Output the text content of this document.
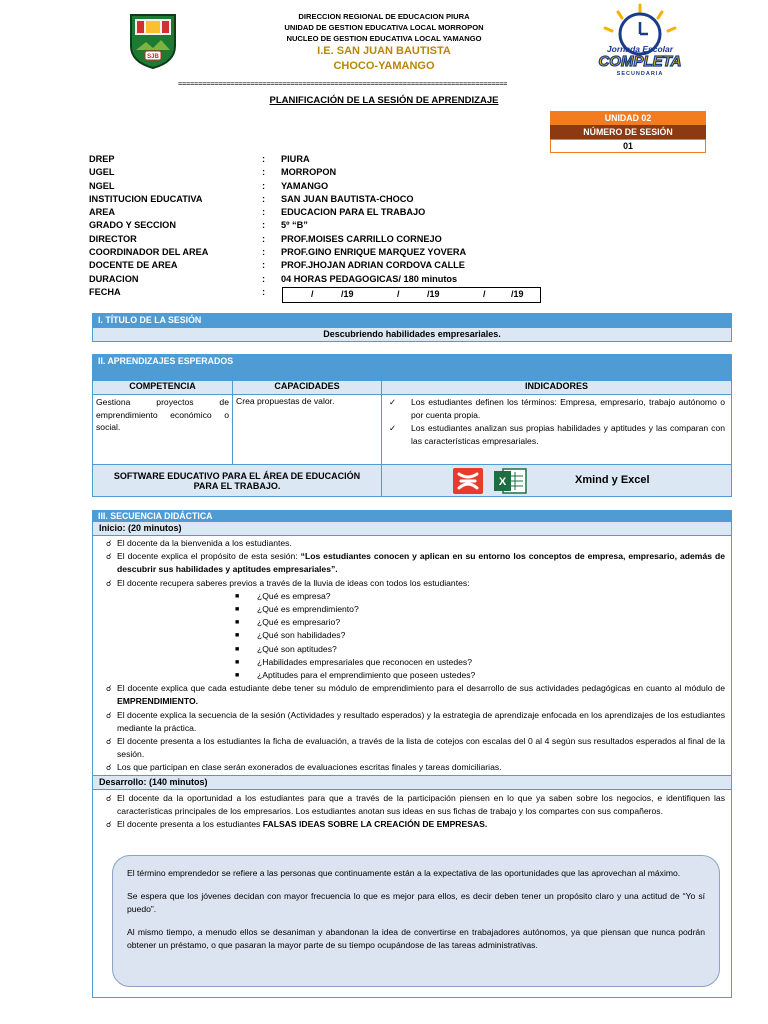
SJB
DIRECCION REGIONAL DE EDUCACION PIURA
UNIDAD DE GESTION EDUCATIVA LOCAL MORROPON
NUCLEO DE GESTION EDUCATIVA LOCAL YAMANGO
I.E. SAN JUAN BAUTISTA
CHOCO-YAMANGO
==================================================================================
Jornada Escolar
COMPLETA
SECUNDARIA
PLANIFICACIÓN DE LA SESIÓN DE APRENDIZAJE
UNIDAD 02
NÚMERO DE SESIÓN
01
DREP	: PIURA
UGEL	: MORROPON
NGEL	: YAMANGO
INSTITUCION EDUCATIVA	: SAN JUAN BAUTISTA-CHOCO
AREA	: EDUCACION PARA EL TRABAJO
GRADO Y SECCION	: 5º “B”
DIRECTOR	: PROF.MOISES CARRILLO CORNEJO
COORDINADOR DEL AREA	: PROF.GINO ENRIQUE MARQUEZ YOVERA
DOCENTE DE AREA	: PROF.JHOJAN ADRIAN CORDOVA CALLE
DURACION	: 04 HORAS PEDAGOGICAS/ 180 minutos
FECHA	:	/	/19	/	/19	/	/19
I. TÍTULO DE LA SESIÓN
Descubriendo habilidades empresariales.
II. APRENDIZAJES ESPERADOS
COMPETENCIA	CAPACIDADES	INDICADORES
Gestiona proyectos de emprendimiento económico o social.	Crea propuestas de valor.	✓ Los estudiantes definen los términos: Empresa, empresario, trabajo autónomo o por cuenta propia.
✓ Los estudiantes analizan sus propias habilidades y aptitudes y las comparan con las características empresariales.

SOFTWARE EDUCATIVO PARA EL ÁREA DE EDUCACIÓN PARA EL TRABAJO.		X Xmind y Excel
III. SECUENCIA DIDÁCTICA
Inicio: (20 minutos)
☌ El docente da la bienvenida a los estudiantes.
☌ El docente explica el propósito de esta sesión: “Los estudiantes conocen y aplican en su entorno los conceptos de empresa, empresario, además de descubrir sus habilidades y aptitudes empresariales”.
☌ El docente recupera saberes previos a través de la lluvia de ideas con todos los estudiantes:
■ ¿Qué es empresa?
■ ¿Qué es emprendimiento?
■ ¿Qué es empresario?
■ ¿Qué son habilidades?
■ ¿Qué son aptitudes?
■ ¿Habilidades empresariales que reconocen en ustedes?
■ ¿Aptitudes para el emprendimiento que poseen ustedes?
☌ El docente explica que cada estudiante debe tener su módulo de emprendimiento para el desarrollo de sus actividades pedagógicas en cuanto al módulo de EMPRENDIMIENTO.
☌ El docente explica la secuencia de la sesión (Actividades y resultado esperados) y la estrategia de aprendizaje enfocada en los aprendizajes de los estudiantes mediante la práctica.
☌ El docente presenta a los estudiantes la ficha de evaluación, a través de la lista de cotejos con escalas del 0 al 4 según sus resultados esperados al final de la sesión.
☌ Los que participan en clase serán exonerados de evaluaciones escritas finales y tareas domiciliarias.
Desarrollo: (140 minutos)
☌ El docente da la oportunidad a los estudiantes para que a través de la participación piensen en lo que ya saben sobre los negocios, e identifiquen las características principales de los empresarios. Los estudiantes anotan sus ideas en sus fichas de trabajo y los compartes con sus compañeros.
☌ El docente presenta a los estudiantes FALSAS IDEAS SOBRE LA CREACIÓN DE EMPRESAS.

El término emprendedor se refiere a las personas que continuamente están a la expectativa de las oportunidades que las aprovechan al máximo.

Se espera que los jóvenes decidan con mayor frecuencia lo que es mejor para ellos, es decir deben tener un propósito claro y una actitud de “Yo sí puedo”.

Al mismo tiempo, a menudo ellos se desaniman y abandonan la idea de convertirse en trabajadores autónomos, ya que piensan que nunca podrán obtener un préstamo, o que pasaran la mayor parte de su tiempo ocupándose de las tareas administrativas.
